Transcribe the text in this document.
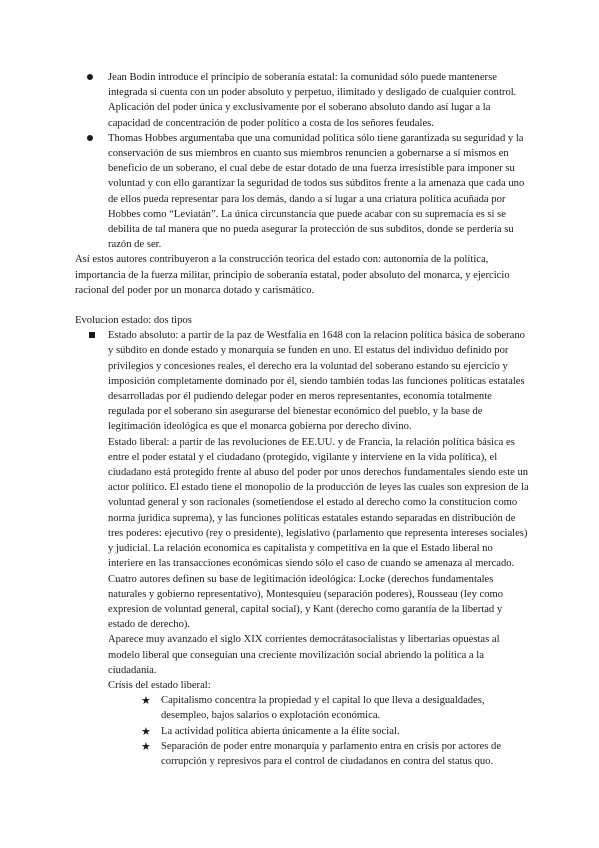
Jean Bodin introduce el principio de soberanía estatal: la comunidad sólo puede mantenerse integrada si cuenta con un poder absoluto y perpetuo, ilimitado y desligado de cualquier control. Aplicación del poder única y exclusivamente por el soberano absoluto dando así lugar a la capacidad de concentración de poder político a costa de los señores feudales.
Thomas Hobbes argumentaba que una comunidad política sólo tiene garantizada su seguridad y la conservación de sus miembros en cuanto sus miembros renuncien a gobernarse a sí mismos en beneficio de un soberano, el cual debe de estar dotado de una fuerza irresistible para imponer su voluntad y con ello garantizar la seguridad de todos sus súbditos frente a la amenaza que cada uno de ellos pueda representar para los demás, dando a sí lugar a una criatura política acuñada por Hobbes como “Leviatán”. La única circunstancia que puede acabar con su supremacía es si se debilita de tal manera que no pueda asegurar la protección de sus subditos, donde se perdería su razón de ser.

Así estos autores contribuyeron a la construcción teorica del estado con: autonomía de la política, importancia de la fuerza militar, principio de soberanía estatal, poder absoluto del monarca, y ejercicio racional del poder por un monarca dotado y carismático.

Evolucion estado: dos tipos

Estado absoluto: a partir de la paz de Westfalia en 1648 con la relacion política básica de soberano y súbdito en donde estado y monarquía se funden en uno. El estatus del individuo definido por privilegios y concesiones reales, el derecho era la voluntad del soberano estando su ejercicio y imposición completamente dominado por él, siendo también todas las funciones políticas estatales desarrolladas por él pudiendo delegar poder en meros representantes, economía totalmente regulada por el soberano sin asegurarse del bienestar económico del pueblo, y la base de legitimación ideológica es que el monarca gobierna por derecho divino.

Estado liberal: a partir de las revoluciones de EE.UU. y de Francia, la relación política básica es entre el poder estatal y el ciudadano (protegido, vigilante y interviene en la vida política), el ciudadano está protegido frente al abuso del poder por unos derechos fundamentales siendo este un actor político. El estado tiene el monopolio de la producción de leyes las cuales son expresion de la voluntad general y son racionales (sometiendose el estado al derecho como la constitucion como norma juridica suprema), y las funciones políticas estatales estando separadas en distribución de tres poderes: ejecutivo (rey o presidente), legislativo (parlamento que representa intereses sociales) y judicial. La relación economica es capitalista y competitiva en la que el Estado liberal no interiere en las transacciones económicas siendo sólo el caso de cuando se amenaza al mercado. Cuatro autores definen su base de legitimación ideológica: Locke (derechos fundamentales naturales y gobierno representativo), Montesquieu (separación poderes), Rousseau (ley como expresion de voluntad general, capital social), y Kant (derecho como garantía de la libertad y estado de derecho).

Aparece muy avanzado el siglo XIX corrientes democrátasocialistas y libertarias opuestas al modelo liberal que conseguían una creciente movilización social abriendo la política a la ciudadanía.

Crísis del estado liberal:

★ Capitalismo concentra la propiedad y el capital lo que lleva a desigualdades, desempleo, bajos salarios o explotación económica.
★ La actividad política abierta únicamente a la élite social.
★ Separación de poder entre monarquía y parlamento entra en crisis por actores de corrupción y represivos para el control de ciudadanos en contra del status quo.
